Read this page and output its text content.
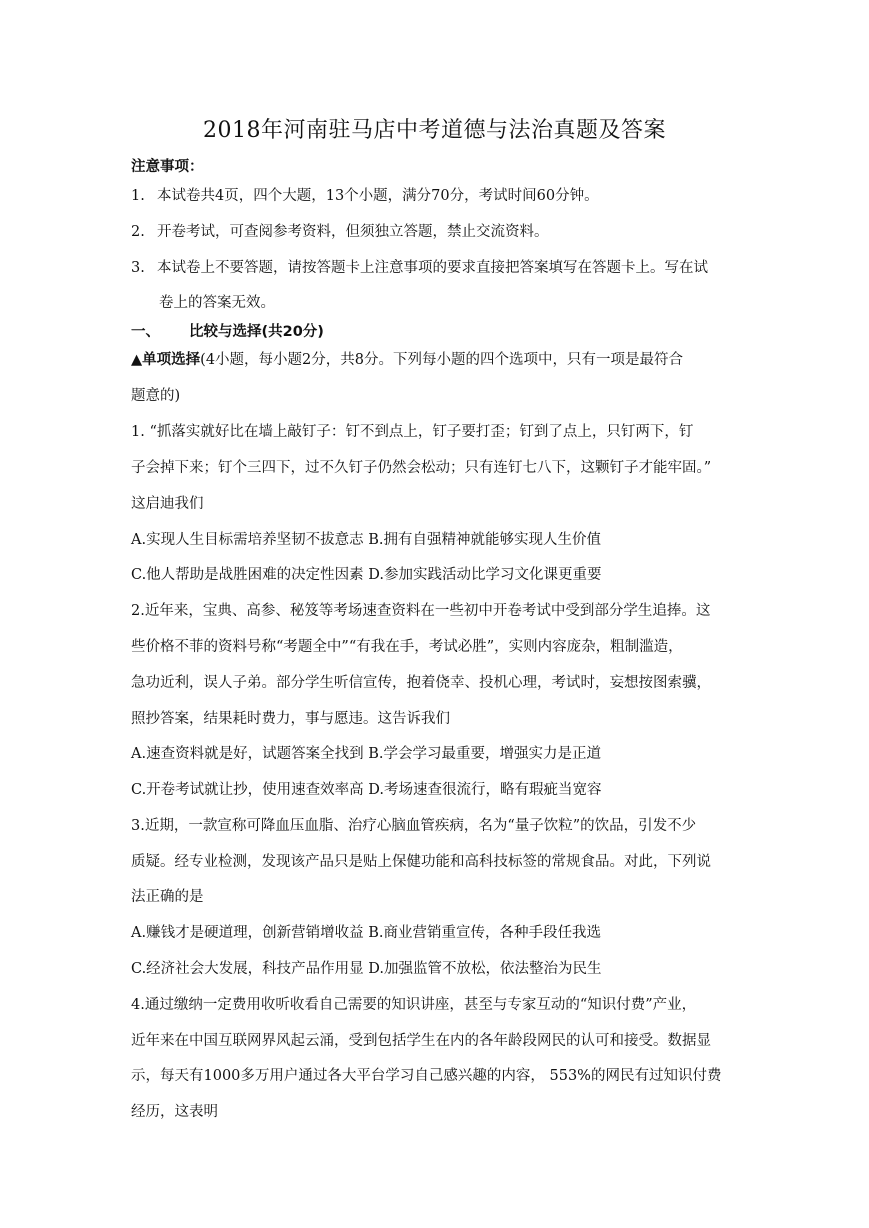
2018年河南驻马店中考道德与法治真题及答案
注意事项：
1. 本试卷共4页，四个大题，13个小题，满分70分，考试时间60分钟。
2. 开卷考试，可查阅参考资料，但须独立答题，禁止交流资料。
3. 本试卷上不要答题，请按答题卡上注意事项的要求直接把答案填写在答题卡上。写在试
卷上的答案无效。
一、 比较与选择(共20分)
▲单项选择(4小题，每小题2分，共8分。下列每小题的四个选项中，只有一项是最符合
题意的)
1. “抓落实就好比在墙上敲钉子：钉不到点上，钉子要打歪；钉到了点上，只钉两下，钉
子会掉下来；钉个三四下，过不久钉子仍然会松动；只有连钉七八下，这颗钉子才能牢固。”
这启迪我们
A.实现人生目标需培养坚韧不拔意志 B.拥有自强精神就能够实现人生价值
C.他人帮助是战胜困难的决定性因素 D.参加实践活动比学习文化课更重要
2.近年来，宝典、高参、秘笈等考场速查资料在一些初中开卷考试中受到部分学生追捧。这
些价格不菲的资料号称“考题全中”“有我在手，考试必胜”，实则内容庞杂，粗制滥造，
急功近利，误人子弟。部分学生听信宣传，抱着侥幸、投机心理，考试时，妄想按图索骥，
照抄答案，结果耗时费力，事与愿违。这告诉我们
A.速查资料就是好，试题答案全找到 B.学会学习最重要，增强实力是正道
C.开卷考试就让抄，使用速查效率高 D.考场速查很流行，略有瑕疵当宽容
3.近期，一款宣称可降血压血脂、治疗心脑血管疾病，名为“量子饮粒”的饮品，引发不少
质疑。经专业检测，发现该产品只是贴上保健功能和高科技标签的常规食品。对此，下列说
法正确的是
A.赚钱才是硬道理，创新营销增收益 B.商业营销重宣传，各种手段任我选
C.经济社会大发展，科技产品作用显 D.加强监管不放松，依法整治为民生
4.通过缴纳一定费用收听收看自己需要的知识讲座，甚至与专家互动的“知识付费”产业，
近年来在中国互联网界风起云涌，受到包括学生在内的各年龄段网民的认可和接受。数据显
示，每天有1000多万用户通过各大平台学习自己感兴趣的内容， 553%的网民有过知识付费
经历，这表明
